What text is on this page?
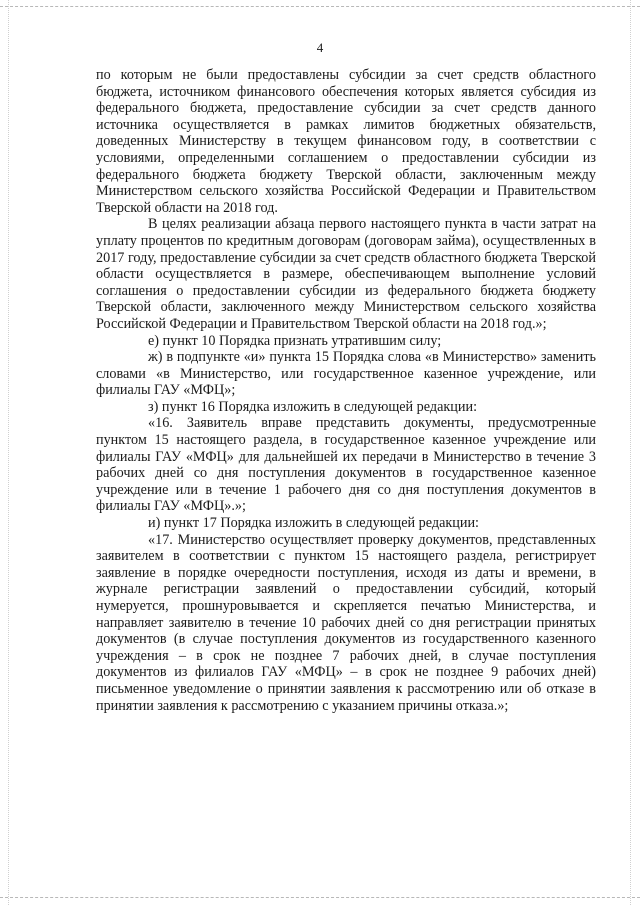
4

по которым не были предоставлены субсидии за счет средств областного бюджета, источником финансового обеспечения которых является субсидия из федерального бюджета, предоставление субсидии за счет средств данного источника осуществляется в рамках лимитов бюджетных обязательств, доведенных Министерству в текущем финансовом году, в соответствии с условиями, определенными соглашением о предоставлении субсидии из федерального бюджета бюджету Тверской области, заключенным между Министерством сельского хозяйства Российской Федерации и Правительством Тверской области на 2018 год.

В целях реализации абзаца первого настоящего пункта в части затрат на уплату процентов по кредитным договорам (договорам займа), осуществленных в 2017 году, предоставление субсидии за счет средств областного бюджета Тверской области осуществляется в размере, обеспечивающем выполнение условий соглашения о предоставлении субсидии из федерального бюджета бюджету Тверской области, заключенного между Министерством сельского хозяйства Российской Федерации и Правительством Тверской области на 2018 год.»;

е) пункт 10 Порядка признать утратившим силу;

ж) в подпункте «и» пункта 15 Порядка слова «в Министерство» заменить словами «в Министерство, или государственное казенное учреждение, или филиалы ГАУ «МФЦ»;

з) пункт 16 Порядка изложить в следующей редакции:

«16. Заявитель вправе представить документы, предусмотренные пунктом 15 настоящего раздела, в государственное казенное учреждение или филиалы ГАУ «МФЦ» для дальнейшей их передачи в Министерство в течение 3 рабочих дней со дня поступления документов в государственное казенное учреждение или в течение 1 рабочего дня со дня поступления документов в филиалы ГАУ «МФЦ».»;

и) пункт 17 Порядка изложить в следующей редакции:

«17. Министерство осуществляет проверку документов, представленных заявителем в соответствии с пунктом 15 настоящего раздела, регистрирует заявление в порядке очередности поступления, исходя из даты и времени, в журнале регистрации заявлений о предоставлении субсидий, который нумеруется, прошнуровывается и скрепляется печатью Министерства, и направляет заявителю в течение 10 рабочих дней со дня регистрации принятых документов (в случае поступления документов из государственного казенного учреждения – в срок не позднее 7 рабочих дней, в случае поступления документов из филиалов ГАУ «МФЦ» – в срок не позднее 9 рабочих дней) письменное уведомление о принятии заявления к рассмотрению или об отказе в принятии заявления к рассмотрению с указанием причины отказа.»;
